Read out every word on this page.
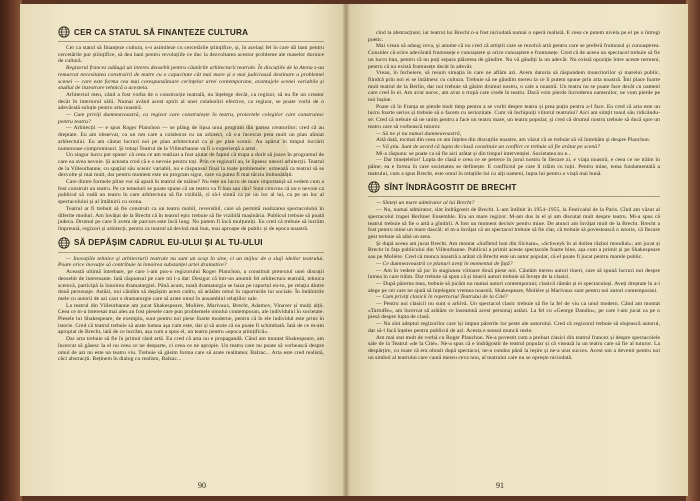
CER CA STATUL SĂ FINANȚEZE CULTURA

Cer ca statul să finanțeze cultura, s-o asimileze cu cercetările științifice, și, în același fel în care dă bani pentru cercetările pur științifice, să dea bani pentru revoluțiile ce duc la dezvoltarea acestor probleme ale maselor dornice de cultură.

Regizorul francez adăugă un interes deosebit pentru căutările arhitecturii teatrale. În discuțiile de la Atena s-au remarcat necesitatea construirii de teatre cu o capacitate cât mai mare și o mai judicioasă destinare a problemei scenei — care este forma cea mai corespunzătoare cerințelor artei contemporane, avantajele scenei variabile și studiul de înzestrare tehnică a acesteia.

Arhitectul meu, când a fost vorba de o construcție teatrală, nu înțelege decât, ca regizor, să nu fie un creator decât în interiorul sălii. Numai având acest spirit al unei colaborări efective, ca regizor, se poate vorbi de o adevărată soluție pentru arta noastră.

— Cum priviți dumneavoastră, ca regizor care construiește în teatru, proiectele colegilor care construiesc pentru teatru?

— Arhitecții — e spus Roger Planchon — se plâng de lipsa unui program din partea creatorilor; cred că au dreptate. Eu am observat, ca un om care a colaborat cu un arhitect, că s-a încercat prea mult un plan aliniat arhitectului. Eu am căutat lucruri noi pe plan arhitectural ca și pe plan scenic. Au apărut în timpul lucrării numeroase compromisuri. Și totuși Teatrul de la Villeurbanne va fi o experiență a artei.

Un singur lucru pot spune: că ceea ce am realizat a fost ajutat de faptul că trupa a dorit să joace în programul de care ea avea nevoie. Și aceasta cred că e o nevoie pentru toți. Prin ce regizorii au, le lipsesc uneori arhitecții. Teatrul de la Villeurbanne, cu spațiul său scenic variabil, nu e răspunsul final la toate problemele: urmează ca teatrul să se dezvolte și mai mult, dar pentru moment este un program sigur, care va putea fi mai târziu îmbunătățit.

Care dintre formele pline vor să apară în teatrul de mâine? Nu este un lucru de mare importanță să vedem cum a fost construit un teatru. Pe ce temeiuri se poate spune că un teatru va fi bun sau rău? Sunt convins că nu e nevoie ca publicul să vadă un teatru în care arhitectura să fie vizibilă, ci să-l simtă ca pe un loc al lui, ca pe un loc al spectacolului și al întâlnirii cu scena.

Teatrul ar fi trebuit să fie construit ca un teatru mobil, reversibil, care să permită realizarea spectacolului în diferite moduri. Am învățat de la Brecht că în teatrul epic trebuie să fie vizibilă mașinăria. Publicul trebuie să poată judeca. Drumul pe care îl avem de parcurs este încă lung. Nu putem fi încă mulțumiți. Eu cred că trebuie să lucrăm împreună, regizori și arhitecți, pentru ca teatrul să devină mai bun, mai aproape de public și de epoca noastră.

SĂ DEPĂȘIM CADRUL EU-ULUI ȘI AL TU-ULUI

— Inovațiile tehnice și arhitecturii teatrale nu sunt un scop în sine, ci un mijloc de a sluji ideilor teatrului. Poate orice inovație să contribuie la înnoirea substanței artei dramatice?

Această ultimă întrebare, pe care i-am pus-o regizorului Roger Planchon, a constituit pretextul unei discuții deosebit de interesante. Iată răspunsul pe care mi l-a dat: Desigur că într-un anumit fel arhitectura teatrală, tehnica scenică, participă la înnoirea dramaturgiei. Până acum, toată dramaturgia se baza pe raportul eu-tu, pe relația dintre două personaje. Astăzi, noi căutăm să depășim acest cadru, să arătăm omul în raporturile lui sociale. În întâlnirile mele cu autorii de azi caut o dramaturgie care să arate omul în ansamblul relațiilor sale.

La teatrul din Villeurbanne am jucat Shakespeare, Molière, Marivaux, Brecht, Adamov, Vinaver și mulți alții. Ceea ce m-a interesat mai ales au fost piesele care pun problemele omului contemporan, ale individului în societate. Piesele lui Shakespeare, de exemplu, sunt pentru noi piese foarte moderne, pentru că în ele individul este prins în istorie. Cred că teatrul trebuie să arate lumea așa cum este, dar și să arate că ea poate fi schimbată. Iată de ce m-am apropiat de Brecht, iată de ce lucrăm, așa cum a spus el, un teatru pentru «epoca științifică».

Dar arta trebuie să fie în primul rând artă. Eu cred că arta nu e propagandă. Când am montat Shakespeare, am încercat să găsesc la el nu ceea ce ne desparte, ci ceea ce ne apropie. Un teatru care nu poate să vorbească despre omul de azi nu este un teatru viu. Trebuie să găsim forma care să arate realitatea: Balzac... Arta este cred realistă, căci abstracții. Reținem în dialog cu realism, Balzac...

90

cînd la abstracțiuni; iar teatrul lui Brecht n-a fost niciodată numai o operă realistă. E ceea ce putem nivela pe el pe o întregi poetic.

Mai vreau să adaug ceva, și anume că nu cred că artiștii care se rezolvă artă pentru care se preferă frumosul și cunoașterea. Consider că orice adevărată frumusețe e cunoaștere și orice cunoaștere e frumusețe. Cred că de aceea un spectacol trebuie să fie un lucru bun, pentru că nu poți separa plăcerea de gândire. Nu vă gândiți la un adevăr. Nu există opoziție între aceste termeni, pentru că nu există frumusețe decât în adevăr.

Vreau, în încheiere, să resum situația în care ne aflăm azi. Avem datoria să răspundem muncitorilor și marelui public, fiindcă prin noi ei se întâlnesc cu cultura. Trebuie să ne gândim mereu la ce îi putem spune prin arta noastră. Îmi place foarte mult teatrul de la Berlin, dar noi trebuie să găsim drumul nostru, o cale a noastră. Un teatru nu se poate face decât cu oameni care cred în el. Am avut noroc, am avut o trupă care crede în teatru. Dacă vom pierde încrederea oamenilor, ne vom pierde pe noi înșine.

Poate că în Franța se pierde mult timp pentru a se vorbi despre teatru și prea puțin pentru a-l face. Eu cred că arta este un lucru foarte serios și trebuie să o facem cu seriozitate. Cum vă închipuiți viitorul teatrului? Aici am simțit tonul său ridicându-se: Cred că trebuie să ne unim pentru a face un teatru mare, un teatru popular, și cred că drumul nostru trebuie să ducă spre un teatru care să vorbească tuturor.

— Să ne și nu numai dumneavoastră,

Altă dată, tocmai din ceea ce am înțeles din discuțiile noastre, am văzut că se trebuie să vă întrebăm și despre Planchon.

— Vă știu. Sunt de acord că lupta de clasă constituie un conflict ce trebuie să fie arătat pe scenă?

Mi-a răspuns: se poate ca să fie aici arătat și din timpul intervenției. Societatea nu e...

— Dar binețelelor! Lupta de clasă e ceea ce se petrece în jurul nostru în fiecare zi, e viața noastră, e ceea ce ne trăim în pâine; ea e forma în care societatea se definește. E conflictul pe care îl trăim cu toții. Pentru mine, tema fundamentală a teatrului, cum a spus Brecht, este omul în relațiile lui cu alți oameni, lupta lui pentru o viață mai bună.

SÎNT ÎNDRĂGOSTIT DE BRECHT

— Sînteți un mare admirator al lui Brecht?

— Nu, numai admirator, sînt îndrăgostit de Brecht. L-am întîlnit în 1954–1955, la Festivalul de la Paris. Cînd am văzut al spectacolul trupei Berliner Ensemble. Era un mare regizor. M-am dus la el și am discutat mult despre teatru. Mi-a spus că teatrul trebuie să fie o artă a gîndirii. A fost un moment decisiv pentru mine. De atunci am învățat mult de la Brecht. Brecht a fost pentru mine un mare dascăl: el m-a învățat că un spectacol trebuie să fie clar, că trebuie să povestească o istorie, că fiecare gest trebuie să aibă un sens.

Și după aceea am jucat Brecht. Am montat «Sufletul bun din Sîciuan», «Schweyk în al doilea război mondial»; am jucat și Brecht în fața publicului din Villeurbanne. Publicul a primit aceste spectacole foarte bine, așa cum a primit și pe Shakespeare sau pe Molière. Cred că munca noastră a arătat că Brecht este un autor popular, că el poate fi jucat pentru marele public.

— Ce dumneavoastră ce planuri aveți în momentul de față?

— Am în vedere să joc în stagiunea viitoare două piese noi. Căutăm mereu autori tineri, care să spună lucruri noi despre lumea în care trăim. Dar trebuie să spun că și tinerii autori trebuie să învețe de la clasici.

— După părerea mea, trebuie să jucăm nu numai autori contemporani; clasicii rămân și ei spectaculoși. Aveți dreptate în a-i alege pe cei care ne ajută să înțelegem vremea noastră. Shakespeare, Molière și Marivaux sunt pentru noi autori contemporani.

— Cum priviți clasicii în repertoriul Teatrului de la Cité?

— Pentru noi clasicii nu sunt o arhivă. Un spectacol clasic trebuie să fie la fel de viu ca unul modern. Când am montat «Tartuffe», am încercat să arătăm ce înseamnă acest personaj astăzi. La fel cu «George Dandin», pe care l-am jucat ca pe o piesă despre lupta de clasă.

— Nu sînt adeptul regizorilor care își impun părerile lor peste ale autorului. Cred că regizorul trebuie să slujească autorul, dar să-l facă înțeles pentru publicul de azi. Acesta e sensul muncii mele.

Am mai stat mult de vorbă cu Roger Planchon. Ne-a povestit cum a preluat clasici din teatrul francez și despre spectacolele sale de la Teatrul «de la Cité». Ne-a spus că e îndrăgostit de teatrul popular și că visează la un teatru care să fie al tuturor. La despărțire, cu toate că era obosit după spectacol, ne-a condus până la ieșire și ne-a urat succes. Acest om a devenit pentru noi un simbol al teatrului care caută mereu ceva nou, al teatrului care nu se oprește niciodată.

91
